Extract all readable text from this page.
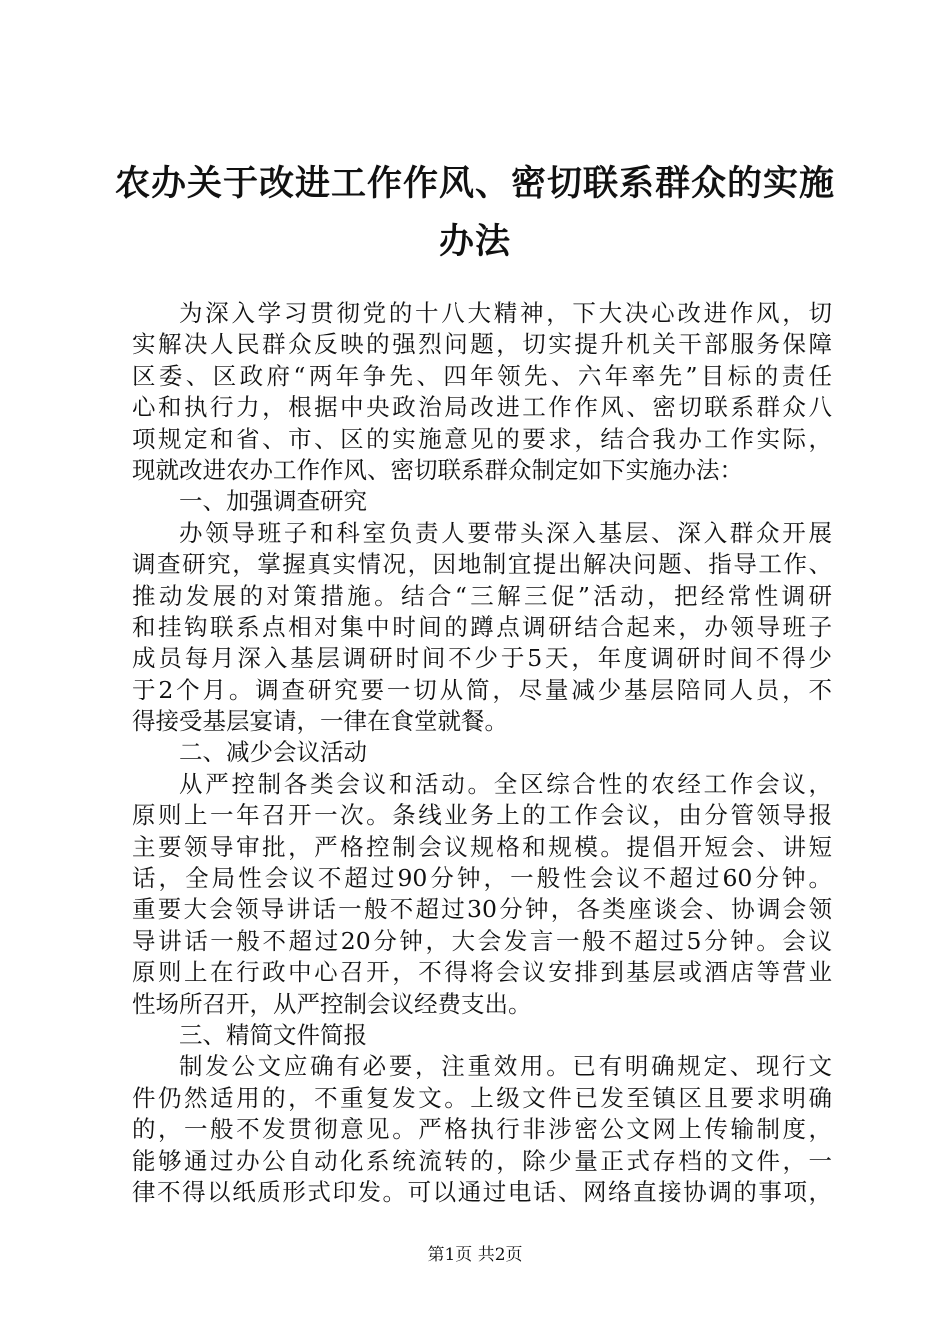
农办关于改进工作作风、密切联系群众的实施
办法
为深入学习贯彻党的十八大精神，下大决心改进作风，切
实解决人民群众反映的强烈问题，切实提升机关干部服务保障
区委、区政府“两年争先、四年领先、六年率先”目标的责任
心和执行力，根据中央政治局改进工作作风、密切联系群众八
项规定和省、市、区的实施意见的要求，结合我办工作实际，
现就改进农办工作作风、密切联系群众制定如下实施办法：
一、加强调查研究
办领导班子和科室负责人要带头深入基层、深入群众开展
调查研究，掌握真实情况，因地制宜提出解决问题、指导工作、
推动发展的对策措施。结合“三解三促”活动，把经常性调研
和挂钩联系点相对集中时间的蹲点调研结合起来，办领导班子
成员每月深入基层调研时间不少于5天，年度调研时间不得少
于2个月。调查研究要一切从简，尽量减少基层陪同人员，不
得接受基层宴请，一律在食堂就餐。
二、减少会议活动
从严控制各类会议和活动。全区综合性的农经工作会议，
原则上一年召开一次。条线业务上的工作会议，由分管领导报
主要领导审批，严格控制会议规格和规模。提倡开短会、讲短
话，全局性会议不超过90分钟，一般性会议不超过60分钟。
重要大会领导讲话一般不超过30分钟，各类座谈会、协调会领
导讲话一般不超过20分钟，大会发言一般不超过5分钟。会议
原则上在行政中心召开，不得将会议安排到基层或酒店等营业
性场所召开，从严控制会议经费支出。
三、精简文件简报
制发公文应确有必要，注重效用。已有明确规定、现行文
件仍然适用的，不重复发文。上级文件已发至镇区且要求明确
的，一般不发贯彻意见。严格执行非涉密公文网上传输制度，
能够通过办公自动化系统流转的，除少量正式存档的文件，一
律不得以纸质形式印发。可以通过电话、网络直接协调的事项，
第1页 共2页
